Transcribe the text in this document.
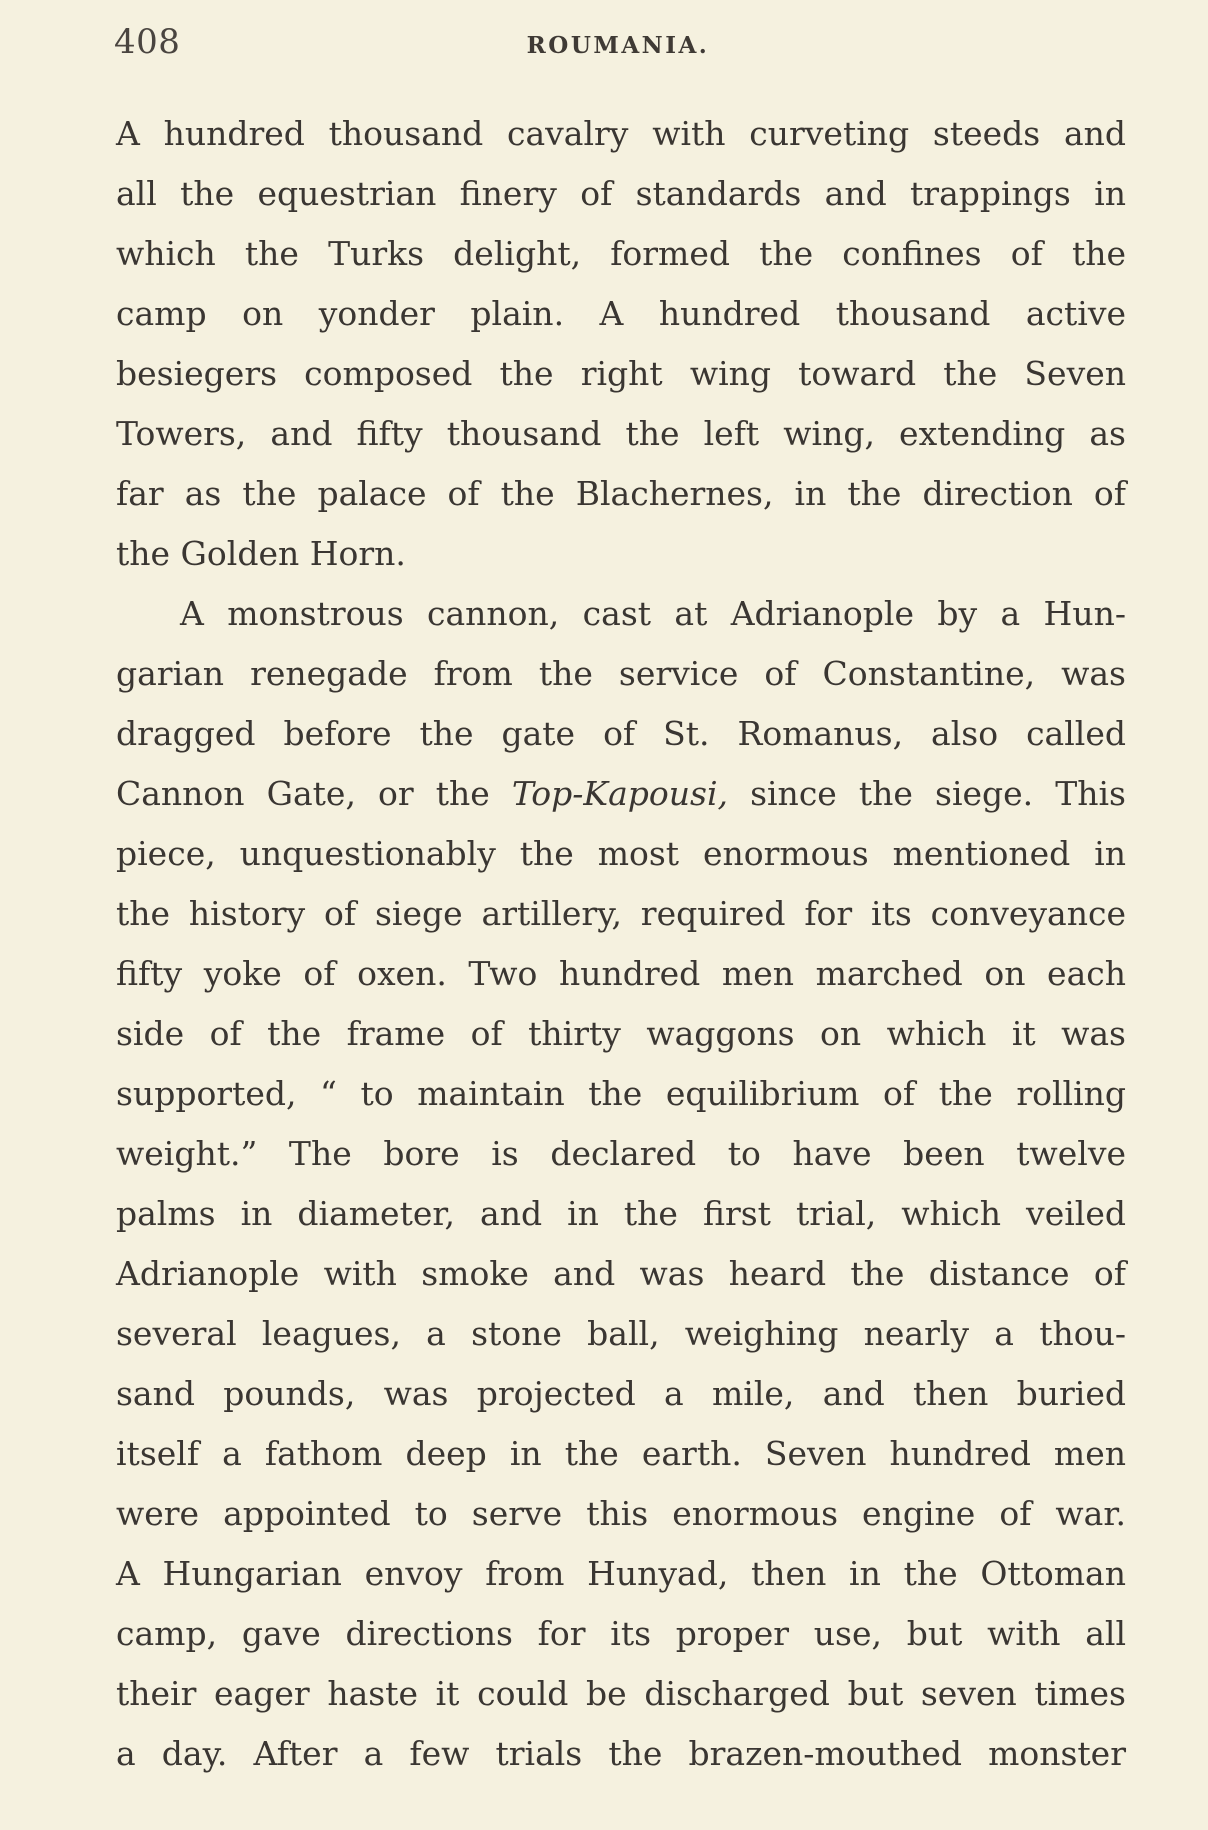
408	ROUMANIA.
A hundred thousand cavalry with curveting steeds and
all the equestrian finery of standards and trappings in
which the Turks delight, formed the confines of the
camp on yonder plain. A hundred thousand active
besiegers composed the right wing toward the Seven
Towers, and fifty thousand the left wing, extending as
far as the palace of the Blachernes, in the direction of
the Golden Horn.
A monstrous cannon, cast at Adrianople by a Hun-
garian renegade from the service of Constantine, was
dragged before the gate of St. Romanus, also called
Cannon Gate, or the Top-Kapousi, since the siege. This
piece, unquestionably the most enormous mentioned in
the history of siege artillery, required for its conveyance
fifty yoke of oxen. Two hundred men marched on each
side of the frame of thirty waggons on which it was
supported, “ to maintain the equilibrium of the rolling
weight.” The bore is declared to have been twelve
palms in diameter, and in the first trial, which veiled
Adrianople with smoke and was heard the distance of
several leagues, a stone ball, weighing nearly a thou-
sand pounds, was projected a mile, and then buried
itself a fathom deep in the earth. Seven hundred men
were appointed to serve this enormous engine of war.
A Hungarian envoy from Hunyad, then in the Ottoman
camp, gave directions for its proper use, but with all
their eager haste it could be discharged but seven times
a day. After a few trials the brazen-mouthed monster
